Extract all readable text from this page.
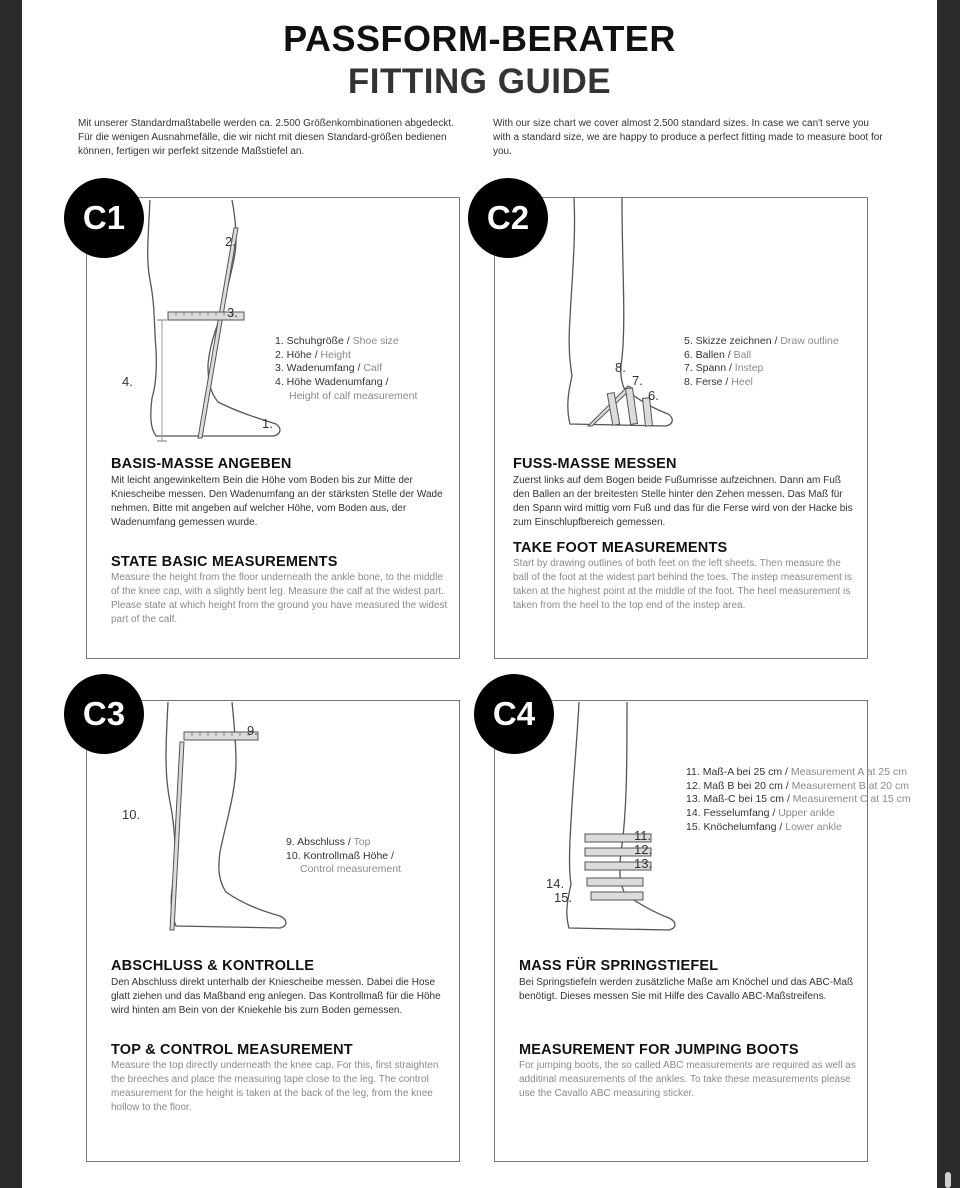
PASSFORM-BERATER
FITTING GUIDE
Mit unserer Standardmaßtabelle werden ca. 2.500 Größenkombinationen abgedeckt. Für die wenigen Ausnahmefälle, die wir nicht mit diesen Standard-größen bedienen können, fertigen wir perfekt sitzende Maßstiefel an.
With our size chart we cover almost 2.500 standard sizes. In case we can't serve you with a standard size, we are happy to produce a perfect fitting made to measure boot for you.
C1
2.
3.
4.
1.
1. Schuhgröße / Shoe size
2. Höhe / Height
3. Wadenumfang / Calf
4. Höhe Wadenumfang /
Height of calf measurement
BASIS-MASSE ANGEBEN
Mit leicht angewinkeltem Bein die Höhe vom Boden bis zur Mitte der Kniescheibe messen. Den Wadenumfang an der stärksten Stelle der Wade nehmen. Bitte mit angeben auf welcher Höhe, vom Boden aus, der Wadenumfang gemessen wurde.
STATE BASIC MEASUREMENTS
Measure the height from the floor underneath the ankle bone, to the middle of the knee cap, with a slightly bent leg. Measure the calf at the widest part. Please state at which height from the ground you have measured the widest part of the calf.
C2
8.
7.
6.
5. Skizze zeichnen / Draw outline
6. Ballen / Ball
7. Spann / Instep
8. Ferse / Heel
FUSS-MASSE MESSEN
Zuerst links auf dem Bogen beide Fußumrisse aufzeichnen. Dann am Fuß den Ballen an der breitesten Stelle hinter den Zehen messen. Das Maß für den Spann wird mittig vom Fuß und das für die Ferse wird von der Hacke bis zum Einschlupfbereich gemessen.
TAKE FOOT MEASUREMENTS
Start by drawing outlines of both feet on the left sheets. Then measure the ball of the foot at the widest part behind the toes. The instep measurement is taken at the highest point at the middle of the foot. The heel measurement is taken from the heel to the top end of the instep area.
C3	9.
10.
9. Abschluss / Top
10. Kontrollmaß Höhe /
Control measurement
ABSCHLUSS & KONTROLLE
Den Abschluss direkt unterhalb der Kniescheibe messen. Dabei die Hose glatt ziehen und das Maßband eng anlegen. Das Kontrollmaß für die Höhe wird hinten am Bein von der Kniekehle bis zum Boden gemessen.
TOP & CONTROL MEASUREMENT
Measure the top directly underneath the knee cap. For this, first straighten the breeches and place the measuring tape close to the leg. The control measurement for the height is taken at the back of the leg, from the knee hollow to the floor.
C4
11.
12.
13.
14.
15.
11. Maß-A bei 25 cm / Measurement A at 25 cm
12. Maß B bei 20 cm / Measurement B at 20 cm
13. Maß-C bei 15 cm / Measurement C at 15 cm
14. Fesselumfang / Upper ankle
15. Knöchelumfang / Lower ankle
MASS FÜR SPRINGSTIEFEL
Bei Springstiefeln werden zusätzliche Maße am Knöchel und das ABC-Maß benötigt. Dieses messen Sie mit Hilfe des Cavallo ABC-Maßstreifens.
MEASUREMENT FOR JUMPING BOOTS
For jumping boots, the so called ABC measurements are required as well as additinal measurements of the ankles. To take these measurements please use the Cavallo ABC measuring sticker.
